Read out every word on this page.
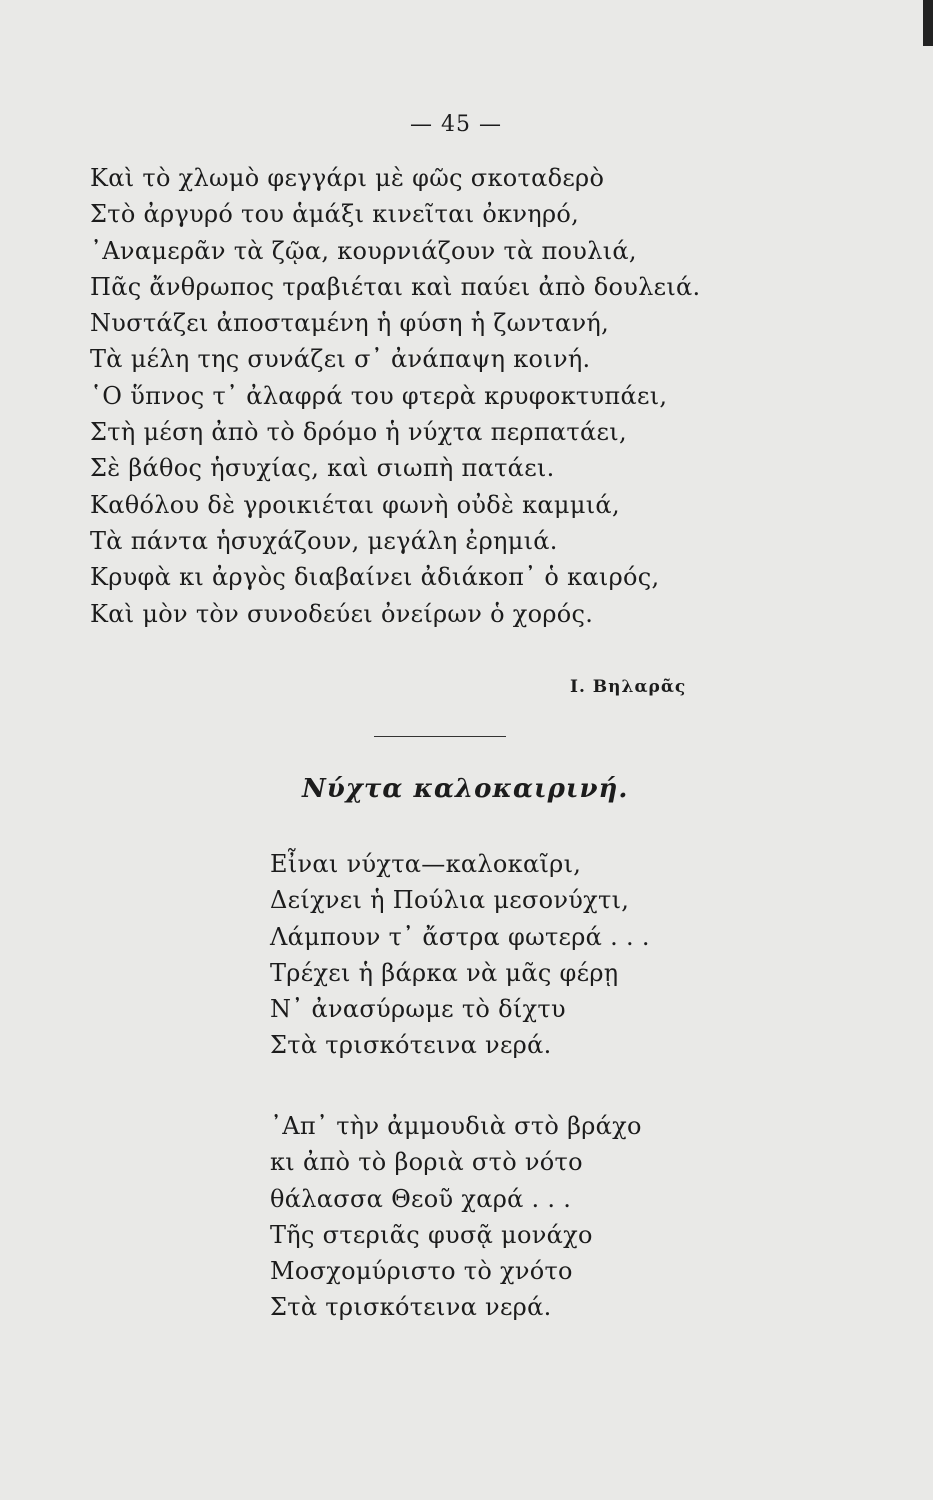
— 45 —
Καὶ τὸ χλωμὸ φεγγάρι μὲ φῶς σκοταδερὸ
Στὸ ἀργυρό του ἁμάξι κινεῖται ὀκνηρό,
᾿Αναμερᾶν τὰ ζῷα, κουρνιάζουν τὰ πουλιά,
Πᾶς ἄνθρωπος τραβιέται καὶ παύει ἀπὸ δουλειά.
Νυστάζει ἀποσταμένη ἡ φύση ἡ ζωντανή,
Τὰ μέλη της συνάζει σ᾿ ἀνάπαψη κοινή.
῾Ο ὕπνος τ᾿ ἀλαφρά του φτερὰ κρυφοκτυπάει,
Στὴ μέση ἀπὸ τὸ δρόμο ἡ νύχτα περπατάει,
Σὲ βάθος ἡσυχίας, καὶ σιωπὴ πατάει.
Καθόλου δὲ γροικιέται φωνὴ οὐδὲ καμμιά,
Τὰ πάντα ἡσυχάζουν, μεγάλη ἐρημιά.
Κρυφὰ κι ἀργὸς διαβαίνει ἀδιάκοπ᾿ ὁ καιρός,
Καὶ μὸν τὸν συνοδεύει ὀνείρων ὁ χορός.
Ι. Βηλαρᾶς
Νύχτα καλοκαιρινή.
Εἶναι νύχτα—καλοκαῖρι,
Δείχνει ἡ Πούλια μεσονύχτι,
Λάμπουν τ᾿ ἄστρα φωτερά . . .
Τρέχει ἡ βάρκα νὰ μᾶς φέρῃ
Ν᾿ ἀνασύρωμε τὸ δίχτυ
Στὰ τρισκότεινα νερά.
᾿Απ᾿ τὴν ἀμμουδιὰ στὸ βράχο
κι ἀπὸ τὸ βοριὰ στὸ νότο
θάλασσα Θεοῦ χαρά . . .
Τῆς στεριᾶς φυσᾷ μονάχο
Μοσχομύριστο τὸ χνότο
Στὰ τρισκότεινα νερά.
